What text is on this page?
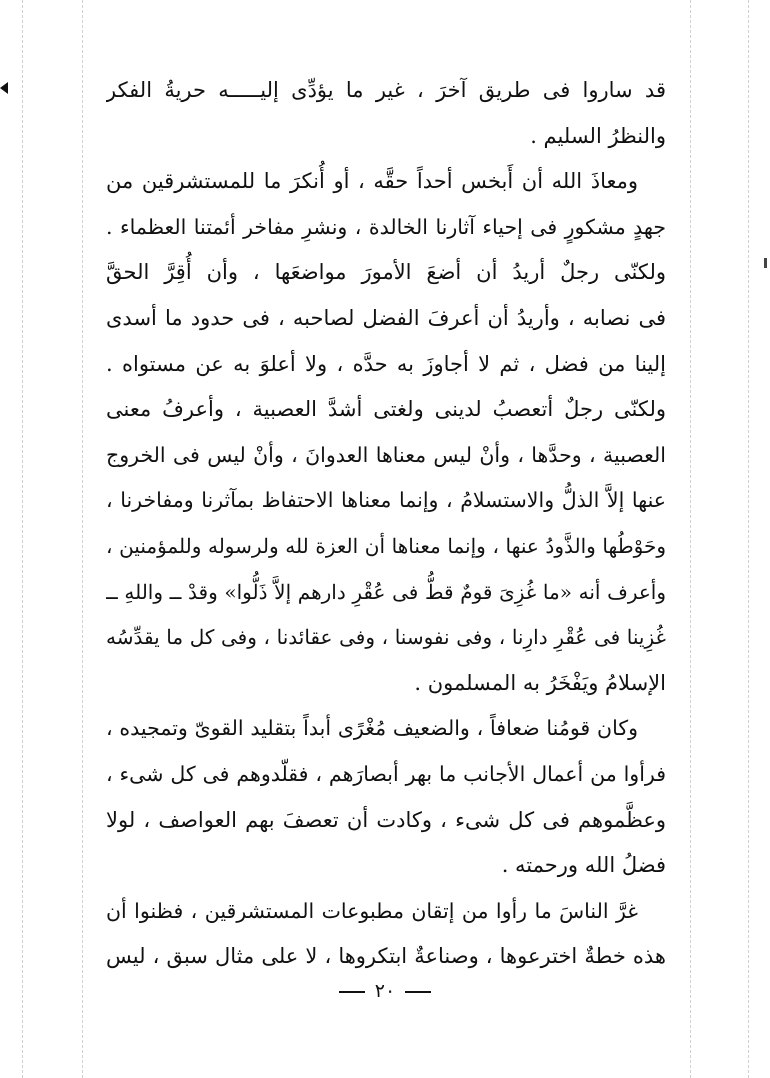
قد ساروا فى طريق آخرَ ، غير ما يؤدِّى إليـــــه حريةُ الفكر
والنظرُ السليم .
ومعاذَ الله أن أَبخس أحداً حقَّه ، أو أُنكرَ ما للمستشرقين من
جهدٍ مشكورٍ فى إحياء آثارنا الخالدة ، ونشرِ مفاخر أئمتنا العظماء .
ولكنّى رجلٌ أريدُ أن أضعَ الأمورَ مواضعَها ، وأن أُقِرَّ الحقَّ
فى نصابه ، وأريدُ أن أعرفَ الفضل لصاحبه ، فى حدود ما أسدى
إلينا من فضل ، ثم لا أجاوزَ به حدَّه ، ولا أعلوَ به عن مستواه .
ولكنّى رجلٌ أتعصبُ لدينى ولغتى أشدَّ العصبية ، وأعرفُ معنى
العصبية ، وحدَّها ، وأنْ ليس معناها العدوانَ ، وأنْ ليس فى الخروج
عنها إلاَّ الذلُّ والاستسلامُ ، وإنما معناها الاحتفاظ بمآثرنا ومفاخرنا ،
وحَوْطُها والذَّودُ عنها ، وإنما معناها أن العزة لله ولرسوله وللمؤمنين ،
وأعرف أنه «ما غُزِىَ قومٌ قطُّ فى عُقْرِ دارهم إلاَّ ذَلُّوا» وقدْ ــ واللهِ ــ
غُزِينا فى عُقْرِ دارِنا ، وفى نفوسنا ، وفى عقائدنا ، وفى كل ما يقدِّسُه
الإسلامُ ويَفْخَرُ به المسلمون .
وكان قومُنا ضعافاً ، والضعيف مُغْرًى أبداً بتقليد القوىّ وتمجيده ،
فرأوا من أعمال الأجانب ما بهر أبصارَهم ، فقلّدوهم فى كل شىء ،
وعظَّموهم فى كل شىء ، وكادت أن تعصفَ بهم العواصف ، لولا
فضلُ الله ورحمته .
غرَّ الناسَ ما رأوا من إتقان مطبوعات المستشرقين ، فظنوا أن
هذه خطةٌ اخترعوها ، وصناعةٌ ابتكروها ، لا على مثال سبق ، ليس
٢٠
